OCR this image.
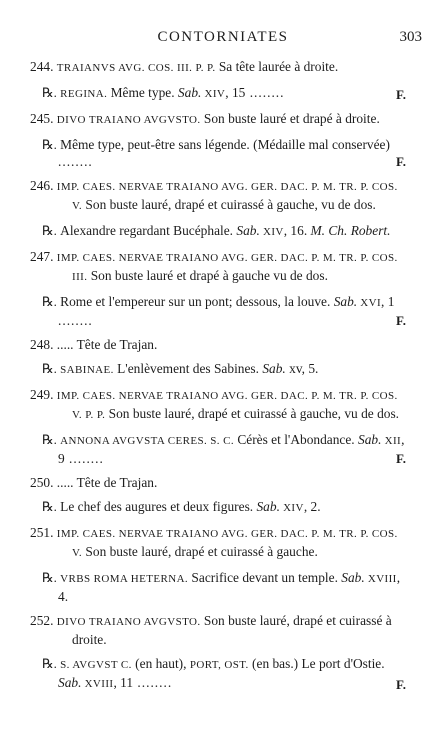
CONTORNIATES	303
244. TRAIANVS AVG. COS. III. P. P. Sa tête laurée à droite.
℞. REGINA. Même type. Sab. XIV, 15 ........	F.
245. DIVO TRAIANO AVGVSTO. Son buste lauré et drapé à droite.
℞. Même type, peut-être sans légende. (Médaille mal conservée) ........	F.
246. IMP. CAES. NERVAE TRAIANO AVG. GER. DAC. P. M. TR. P. COS. V. Son buste lauré, drapé et cuirassé à gauche, vu de dos.
℞. Alexandre regardant Bucéphale. Sab. XIV, 16. M. Ch. Robert.
247. IMP. CAES. NERVAE TRAIANO AVG. GER. DAC. P. M. TR. P. COS. III. Son buste lauré et drapé à gauche vu de dos.
℞. Rome et l'empereur sur un pont; dessous, la louve. Sab. XVI, 1 ........	F.
248. ..... Tête de Trajan.
℞. SABINAE. L'enlèvement des Sabines. Sab. xv, 5.
249. IMP. CAES. NERVAE TRAIANO AVG. GER. DAC. P. M. TR. P. COS. V. P. P. Son buste lauré, drapé et cuirassé à gauche, vu de dos.
℞. ANNONA AVGVSTA CERES. S. C. Cérès et l'Abondance. Sab. XII, 9 ........	F.
250. ..... Tête de Trajan.
℞. Le chef des augures et deux figures. Sab. XIV, 2.
251. IMP. CAES. NERVAE TRAIANO AVG. GER. DAC. P. M. TR. P. COS. V. Son buste lauré, drapé et cuirassé à gauche.
℞. VRBS ROMA HETERNA. Sacrifice devant un temple. Sab. XVIII, 4.
252. DIVO TRAIANO AVGVSTO. Son buste lauré, drapé et cuirassé à droite.
℞. S. AVGVST C. (en haut), PORT, OST. (en bas.) Le port d'Ostie. Sab. XVIII, 11 ........	F.
